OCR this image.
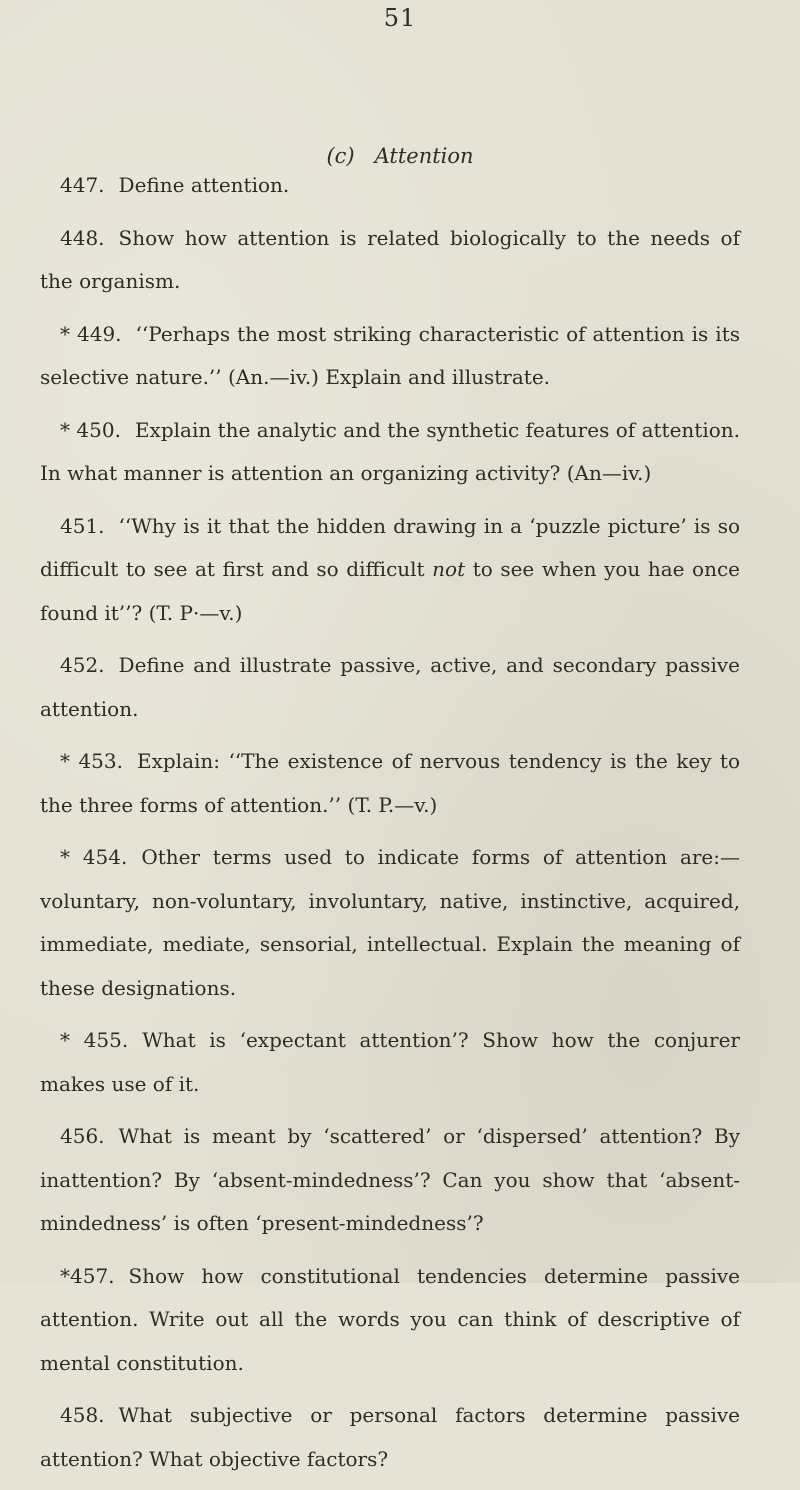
51
(c) Attention

447. Define attention.

448. Show how attention is related biologically to the needs of the organism.

* 449. ‘‘Perhaps the most striking characteristic of attention is its selective nature.’’ (An.—iv.) Explain and illustrate.

* 450. Explain the analytic and the synthetic features of attention. In what manner is attention an organizing activity? (An—iv.)

451. ‘‘Why is it that the hidden drawing in a ‘puzzle picture’ is so difficult to see at first and so difficult not to see when you hae once found it’’? (T. P·—v.)

452. Define and illustrate passive, active, and secondary passive attention.

* 453. Explain: ‘‘The existence of nervous tendency is the key to the three forms of attention.’’ (T. P.—v.)

* 454. Other terms used to indicate forms of attention are:—voluntary, non-voluntary, involuntary, native, instinctive, acquired, immediate, mediate, sensorial, intellectual. Explain the meaning of these designations.

* 455. What is ‘expectant attention’? Show how the conjurer makes use of it.

456. What is meant by ‘scattered’ or ‘dispersed’ attention? By inattention? By ‘absent-mindedness’? Can you show that ‘absent-mindedness’ is often ‘present-mindedness’?

*457. Show how constitutional tendencies determine passive attention. Write out all the words you can think of descriptive of mental constitution.

458. What subjective or personal factors determine passive attention? What objective factors?
